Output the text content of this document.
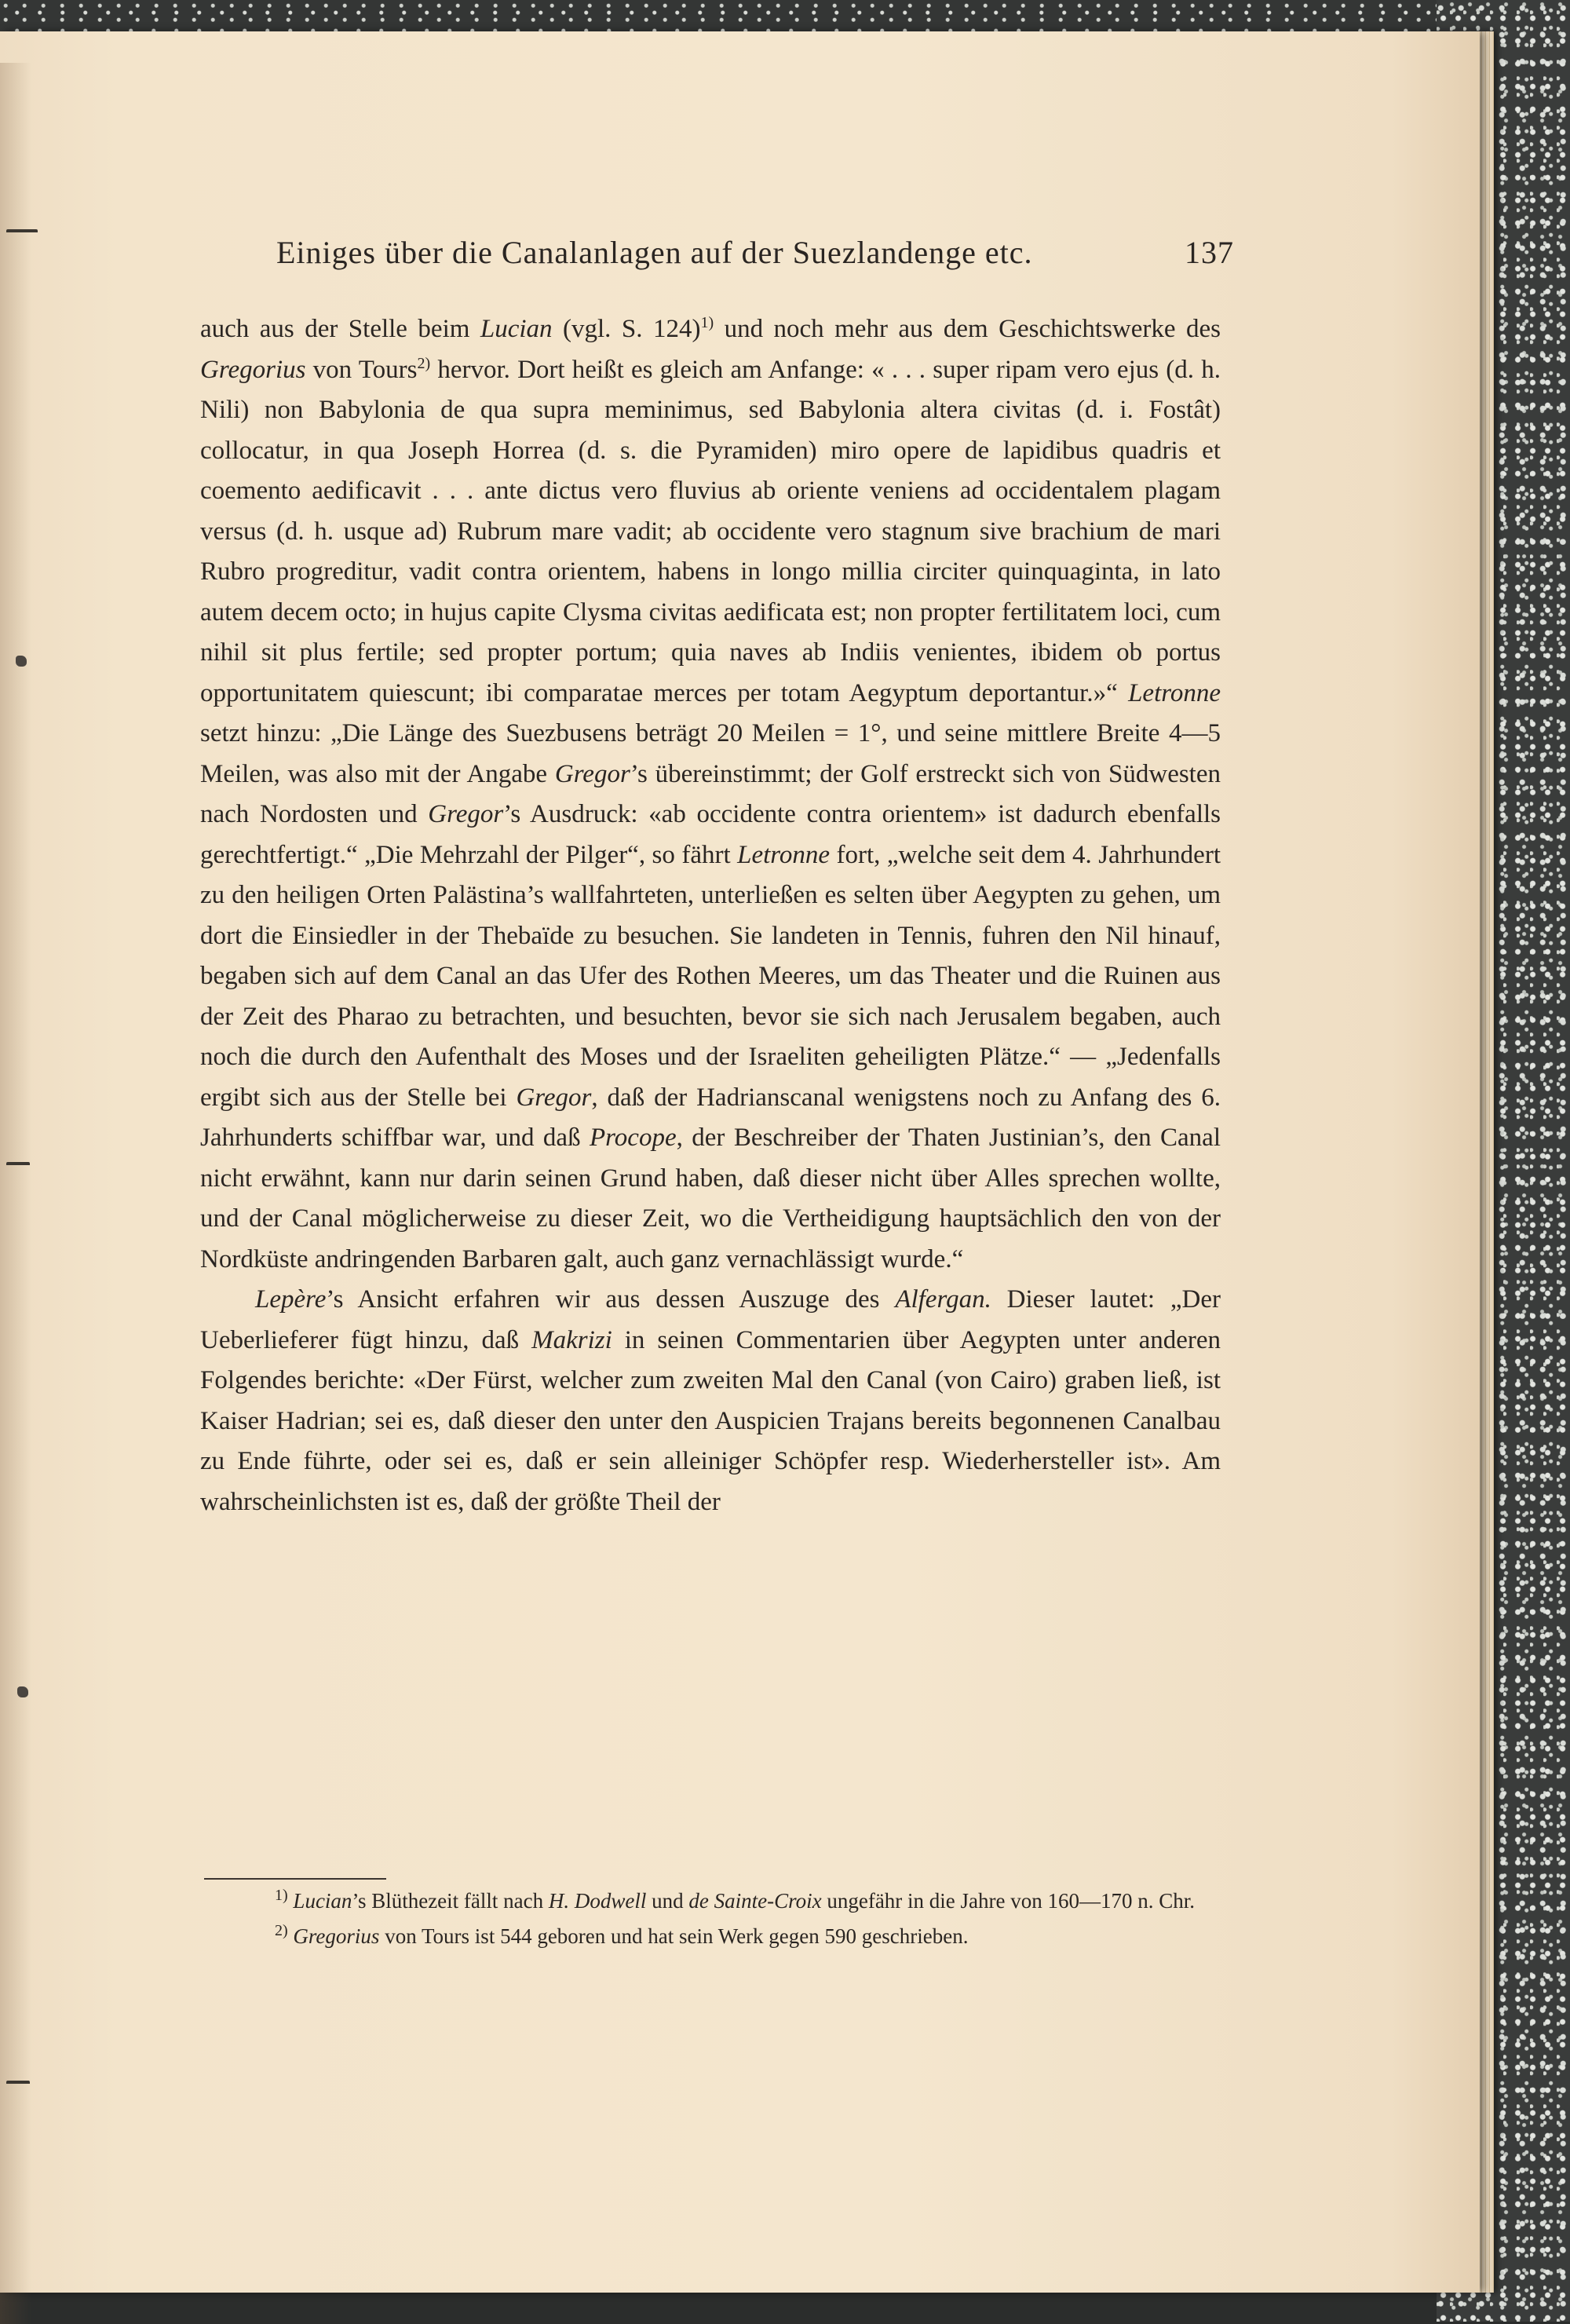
Einiges über die Canalanlagen auf der Suezlandenge etc.	137

auch aus der Stelle beim Lucian (vgl. S. 124)$^{1)}$ und noch mehr aus dem Geschichtswerke des Gregorius von Tours$^{2)}$ hervor. Dort heißt es gleich am Anfange: « . . . super ripam vero ejus (d. h. Nili) non Babylonia de qua supra meminimus, sed Babylonia altera civitas (d. i. Fostât) collocatur, in qua Joseph Horrea (d. s. die Pyramiden) miro opere de lapidibus quadris et coemento aedificavit . . . ante dictus vero fluvius ab oriente veniens ad occidentalem plagam versus (d. h. usque ad) Rubrum mare vadit; ab occidente vero stagnum sive brachium de mari Rubro progreditur, vadit contra orientem, habens in longo millia circiter quinquaginta, in lato autem decem octo; in hujus capite Clysma civitas aedificata est; non propter fertilitatem loci, cum nihil sit plus fertile; sed propter portum; quia naves ab Indiis venientes, ibidem ob portus opportunitatem quiescunt; ibi comparatae merces per totam Aegyptum deportantur.»“ Letronne setzt hinzu: „Die Länge des Suezbusens beträgt 20 Meilen = 1°, und seine mittlere Breite 4—5 Meilen, was also mit der Angabe Gregor’s übereinstimmt; der Golf erstreckt sich von Südwesten nach Nordosten und Gregor’s Ausdruck: «ab occidente contra orientem» ist dadurch ebenfalls gerechtfertigt.“ „Die Mehrzahl der Pilger“, so fährt Letronne fort, „welche seit dem 4. Jahrhundert zu den heiligen Orten Palästina’s wallfahrteten, unterließen es selten über Aegypten zu gehen, um dort die Einsiedler in der Thebaïde zu besuchen. Sie landeten in Tennis, fuhren den Nil hinauf, begaben sich auf dem Canal an das Ufer des Rothen Meeres, um das Theater und die Ruinen aus der Zeit des Pharao zu betrachten, und besuchten, bevor sie sich nach Jerusalem begaben, auch noch die durch den Aufenthalt des Moses und der Israeliten geheiligten Plätze.“ — „Jedenfalls ergibt sich aus der Stelle bei Gregor, daß der Hadrianscanal wenigstens noch zu Anfang des 6. Jahrhunderts schiffbar war, und daß Procope, der Beschreiber der Thaten Justinian’s, den Canal nicht erwähnt, kann nur darin seinen Grund haben, daß dieser nicht über Alles sprechen wollte, und der Canal möglicherweise zu dieser Zeit, wo die Vertheidigung hauptsächlich den von der Nordküste andringenden Barbaren galt, auch ganz vernachlässigt wurde.“

Lepère’s Ansicht erfahren wir aus dessen Auszuge des Alfergan. Dieser lautet: „Der Ueberlieferer fügt hinzu, daß Makrizi in seinen Commentarien über Aegypten unter anderen Folgendes berichte: «Der Fürst, welcher zum zweiten Mal den Canal (von Cairo) graben ließ, ist Kaiser Hadrian; sei es, daß dieser den unter den Auspicien Trajans bereits begonnenen Canalbau zu Ende führte, oder sei es, daß er sein alleiniger Schöpfer resp. Wiederhersteller ist». Am wahrscheinlichsten ist es, daß der größte Theil der

$^{1)}$ Lucian’s Blüthezeit fällt nach H. Dodwell und de Sainte-Croix ungefähr in die Jahre von 160—170 n. Chr.

$^{2)}$ Gregorius von Tours ist 544 geboren und hat sein Werk gegen 590 geschrieben.
